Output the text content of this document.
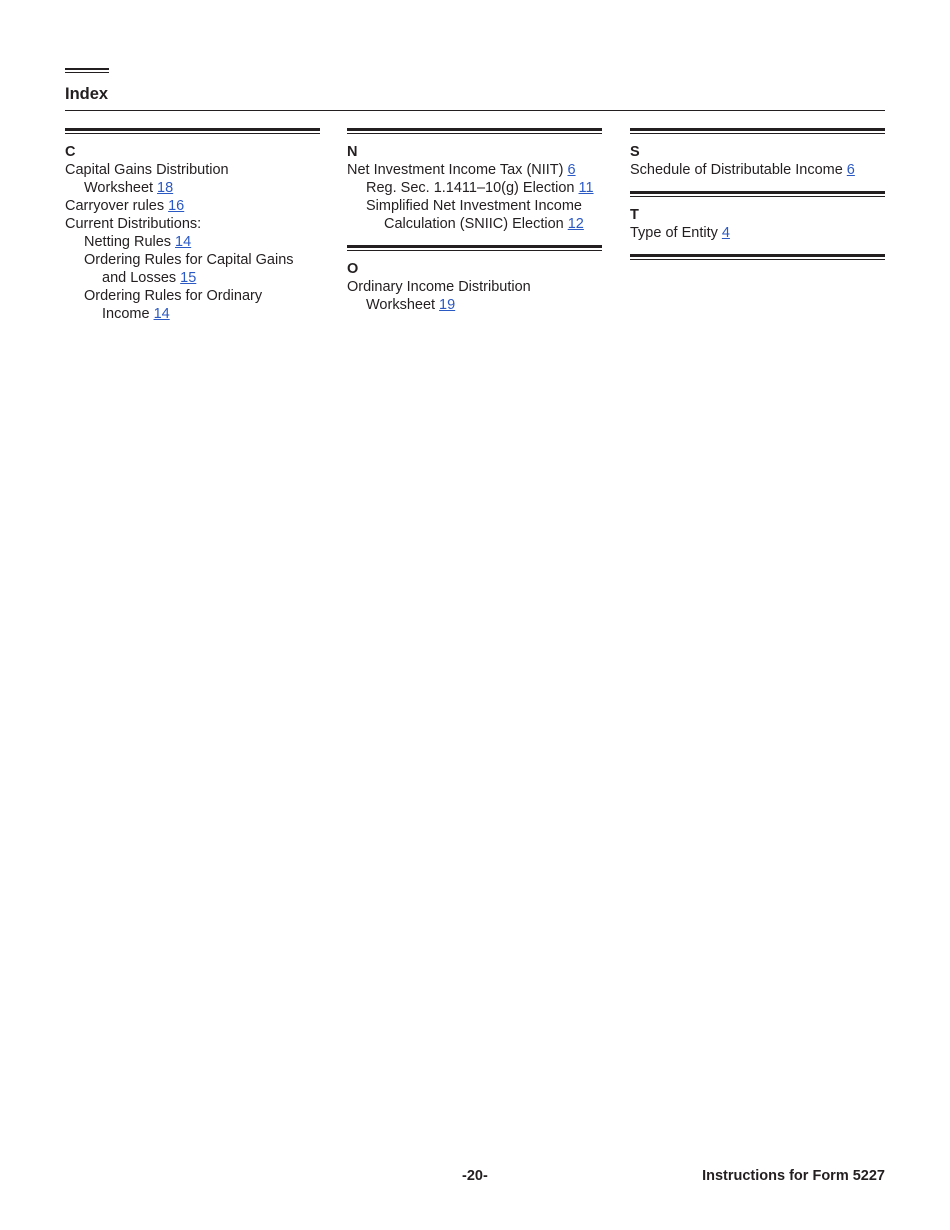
Index
C
Capital Gains Distribution
Worksheet 18
Carryover rules 16
Current Distributions:
Netting Rules 14
Ordering Rules for Capital Gains
and Losses 15
Ordering Rules for Ordinary
Income 14
N
Net Investment Income Tax (NIIT) 6
Reg. Sec. 1.1411–10(g) Election 11
Simplified Net Investment Income
Calculation (SNIIC) Election 12
O
Ordinary Income Distribution
Worksheet 19
S
Schedule of Distributable Income 6
T
Type of Entity 4
-20-	Instructions for Form 5227
